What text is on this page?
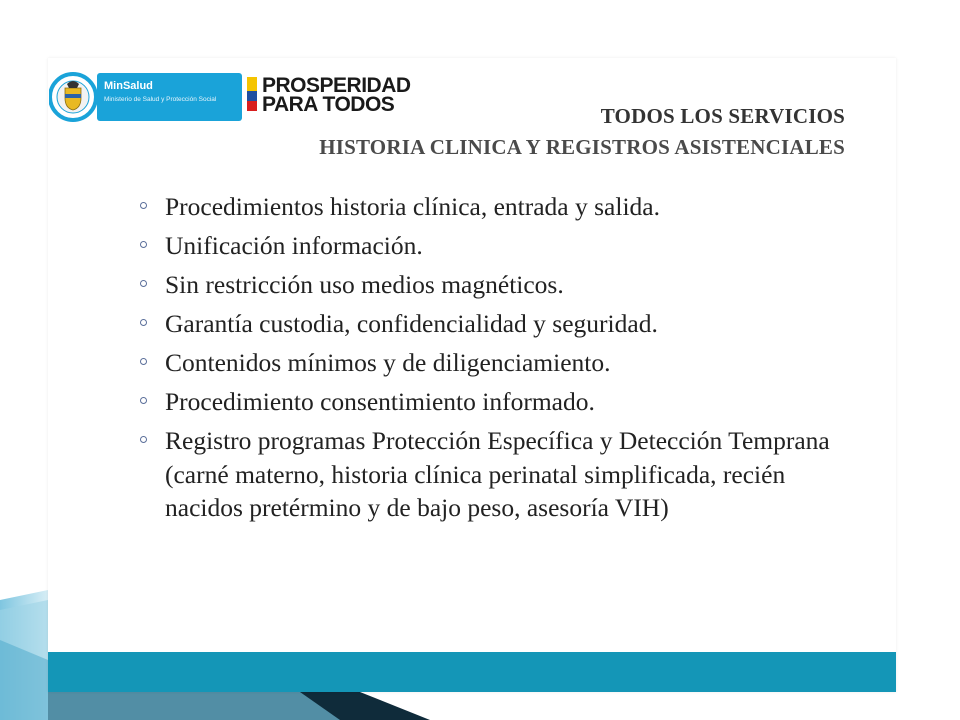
MinSalud
Ministerio de Salud y Protección Social
PROSPERIDAD
PARA TODOS	TODOS LOS SERVICIOS
HISTORIA CLINICA Y REGISTROS ASISTENCIALES
Procedimientos historia clínica, entrada y salida.
Unificación información.
Sin restricción uso medios magnéticos.
Garantía custodia, confidencialidad y seguridad.
Contenidos mínimos y de diligenciamiento.
Procedimiento consentimiento informado.
Registro programas Protección Específica y Detección Temprana (carné materno, historia clínica perinatal simplificada, recién nacidos pretérmino y de bajo peso, asesoría VIH)
